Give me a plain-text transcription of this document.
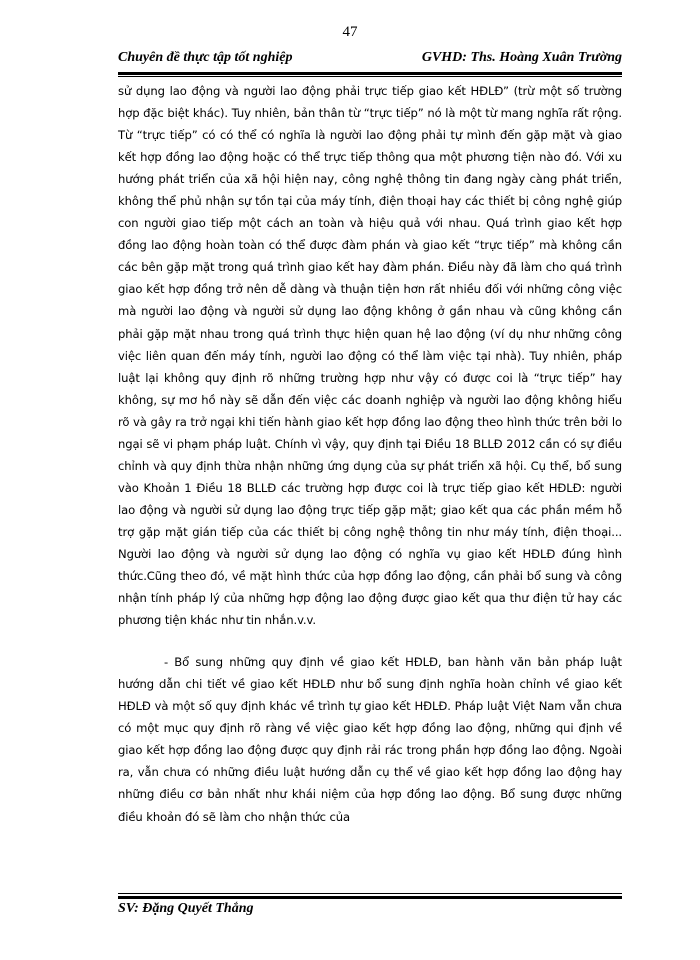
47
Chuyên đề thực tập tốt nghiệp	GVHD: Ths. Hoàng Xuân Trường

sử dụng lao động và người lao động phải trực tiếp giao kết HĐLĐ” (trừ một số trường hợp đặc biệt khác). Tuy nhiên, bản thân từ “trực tiếp” nó là một từ mang nghĩa rất rộng. Từ “trực tiếp” có có thể có nghĩa là người lao động phải tự mình đến gặp mặt và giao kết hợp đồng lao động hoặc có thể trực tiếp thông qua một phương tiện nào đó. Với xu hướng phát triển của xã hội hiện nay, công nghệ thông tin đang ngày càng phát triển, không thể phủ nhận sự tồn tại của máy tính, điện thoại hay các thiết bị công nghệ giúp con người giao tiếp một cách an toàn và hiệu quả với nhau. Quá trình giao kết hợp đồng lao động hoàn toàn có thể được đàm phán và giao kết “trực tiếp” mà không cần các bên gặp mặt trong quá trình giao kết hay đàm phán. Điều này đã làm cho quá trình giao kết hợp đồng trở nên dễ dàng và thuận tiện hơn rất nhiều đối với những công việc mà người lao động và người sử dụng lao động không ở gần nhau và cũng không cần phải gặp mặt nhau trong quá trình thực hiện quan hệ lao động (ví dụ như những công việc liên quan đến máy tính, người lao động có thể làm việc tại nhà). Tuy nhiên, pháp luật lại không quy định rõ những trường hợp như vậy có được coi là “trực tiếp” hay không, sự mơ hồ này sẽ dẫn đến việc các doanh nghiệp và người lao động không hiểu rõ và gây ra trở ngại khi tiến hành giao kết hợp đồng lao động theo hình thức trên bởi lo ngại sẽ vi phạm pháp luật. Chính vì vậy, quy định tại Điều 18 BLLĐ 2012 cần có sự điều chỉnh và quy định thừa nhận những ứng dụng của sự phát triển xã hội. Cụ thể, bổ sung vào Khoản 1 Điều 18 BLLĐ các trường hợp được coi là trực tiếp giao kết HĐLĐ: người lao động và người sử dụng lao động trực tiếp gặp mặt; giao kết qua các phần mềm hỗ trợ gặp mặt gián tiếp của các thiết bị công nghệ thông tin như máy tính, điện thoại... Người lao động và người sử dụng lao động có nghĩa vụ giao kết HĐLĐ đúng hình thức.Cũng theo đó, về mặt hình thức của hợp đồng lao động, cần phải bổ sung và công nhận tính pháp lý của những hợp động lao động được giao kết qua thư điện tử hay các phương tiện khác như tin nhắn.v.v.

- Bổ sung những quy định về giao kết HĐLĐ, ban hành văn bản pháp luật hướng dẫn chi tiết về giao kết HĐLĐ như bổ sung định nghĩa hoàn chỉnh về giao kết HĐLĐ và một số quy định khác về trình tự giao kết HĐLĐ. Pháp luật Việt Nam vẫn chưa có một mục quy định rõ ràng về việc giao kết hợp đồng lao động, những qui định về giao kết hợp đồng lao động được quy định rải rác trong phần hợp đồng lao động. Ngoài ra, vẫn chưa có những điều luật hướng dẫn cụ thể về giao kết hợp đồng lao động hay những điều cơ bản nhất như khái niệm của hợp đồng lao động. Bổ sung được những điều khoản đó sẽ làm cho nhận thức của

SV: Đặng Quyết Thắng
